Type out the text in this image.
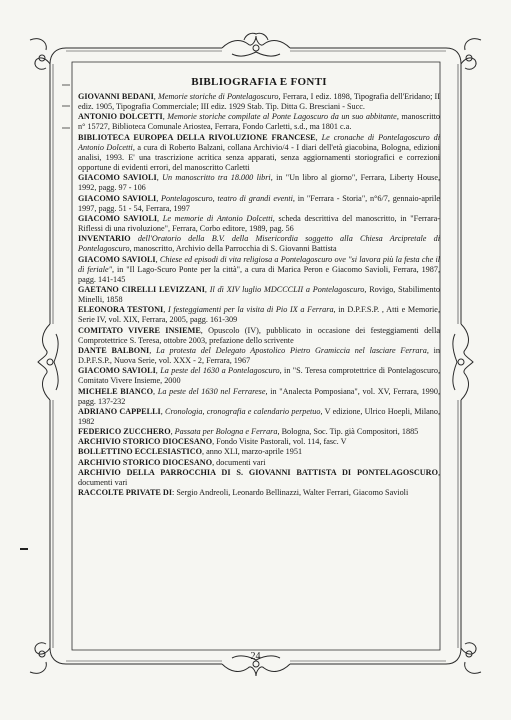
BIBLIOGRAFIA E FONTI

GIOVANNI BEDANI, Memorie storiche di Pontelagoscuro, Ferrara, I ediz. 1898, Tipografia dell'Eridano; II ediz. 1905, Tipografia Commerciale; III ediz. 1929 Stab. Tip. Ditta G. Bresciani - Succ.

ANTONIO DOLCETTI, Memorie storiche compilate al Ponte Lagoscuro da un suo abbitante, manoscritto n° 15727, Biblioteca Comunale Ariostea, Ferrara, Fondo Carletti, s.d., ma 1801 c.a.

BIBLIOTECA EUROPEA DELLA RIVOLUZIONE FRANCESE, Le cronache di Pontelagoscuro di Antonio Dolcetti, a cura di Roberto Balzani, collana Archivio/4 - I diari dell'età giacobina, Bologna, edizioni analisi, 1993. E' una trascrizione acritica senza apparati, senza aggiornamenti storiografici e correzioni opportune di evidenti errori, del manoscritto Carletti

GIACOMO SAVIOLI, Un manoscritto tra 18.000 libri, in "Un libro al giorno", Ferrara, Liberty House, 1992, pagg. 97 - 106

GIACOMO SAVIOLI, Pontelagoscuro, teatro di grandi eventi, in "Ferrara - Storia", n°6/7, gennaio-aprile 1997, pagg. 51 - 54, Ferrara, 1997

GIACOMO SAVIOLI, Le memorie di Antonio Dolcetti, scheda descrittiva del manoscritto, in "Ferrara- Riflessi di una rivoluzione", Ferrara, Corbo editore, 1989, pag. 56

INVENTARIO dell'Oratorio della B.V. della Misericordia soggetto alla Chiesa Arcipretale di Pontelagoscuro, manoscritto, Archivio della Parrocchia di S. Giovanni Battista

GIACOMO SAVIOLI, Chiese ed episodi di vita religiosa a Pontelagoscuro ove "si lavora più la festa che il dì feriale", in "Il Lago-Scuro Ponte per la città", a cura di Marica Peron e Giacomo Savioli, Ferrara, 1987, pagg. 141-145

GAETANO CIRELLI LEVIZZANI, Il dì XIV luglio MDCCCLII a Pontelagoscuro, Rovigo, Stabilimento Minelli, 1858

ELEONORA TESTONI, I festeggiamenti per la visita di Pio IX a Ferrara, in D.P.F.S.P. , Atti e Memorie, Serie IV, vol. XIX, Ferrara, 2005, pagg. 161-309

COMITATO VIVERE INSIEME, Opuscolo (IV), pubblicato in occasione dei festeggiamenti della Comprotettrice S. Teresa, ottobre 2003, prefazione dello scrivente

DANTE BALBONI, La protesta del Delegato Apostolico Pietro Gramiccia nel lasciare Ferrara, in D.P.F.S.P., Nuova Serie, vol. XXX - 2, Ferrara, 1967

GIACOMO SAVIOLI, La peste del 1630 a Pontelagoscuro, in "S. Teresa comprotettrice di Pontelagoscuro, Comitato Vivere Insieme, 2000

MICHELE BIANCO, La peste del 1630 nel Ferrarese, in "Analecta Pomposiana", vol. XV, Ferrara, 1990, pagg. 137-232

ADRIANO CAPPELLI, Cronologia, cronografia e calendario perpetuo, V edizione, Ulrico Hoepli, Milano, 1982

FEDERICO ZUCCHERO, Passata per Bologna e Ferrara, Bologna, Soc. Tip. già Compositori, 1885

ARCHIVIO STORICO DIOCESANO, Fondo Visite Pastorali, vol. 114, fasc. V

BOLLETTINO ECCLESIASTICO, anno XLI, marzo-aprile 1951

ARCHIVIO STORICO DIOCESANO, documenti vari

ARCHIVIO DELLA PARROCCHIA DI S. GIOVANNI BATTISTA DI PONTELAGOSCURO, documenti vari

RACCOLTE PRIVATE DI: Sergio Andreoli, Leonardo Bellinazzi, Walter Ferrari, Giacomo Savioli

24
